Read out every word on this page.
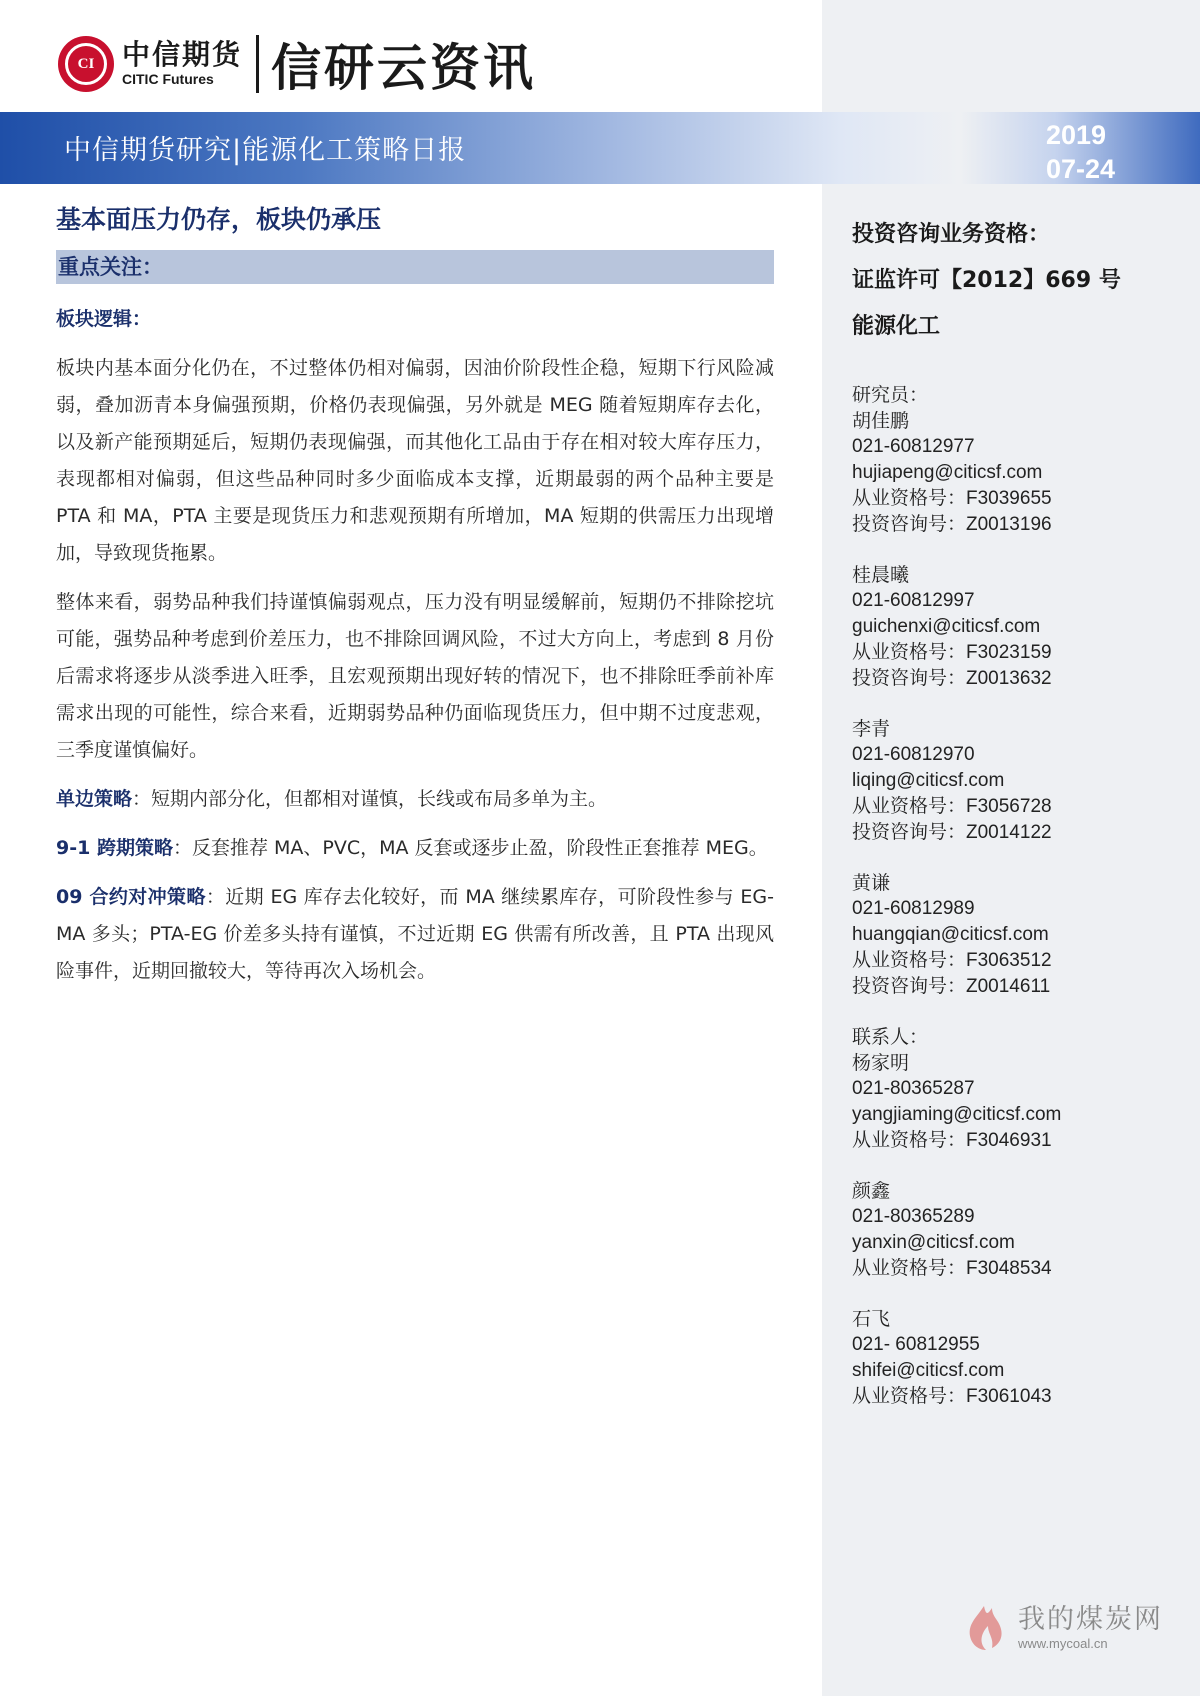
CI 中信期货
CITIC Futures	信研云资讯
中信期货研究|能源化工策略日报	2019
07-24
基本面压力仍存，板块仍承压
重点关注：
板块逻辑：

板块内基本面分化仍在，不过整体仍相对偏弱，因油价阶段性企稳，短期下行风险减弱，叠加沥青本身偏强预期，价格仍表现偏强，另外就是 MEG 随着短期库存去化，以及新产能预期延后，短期仍表现偏强，而其他化工品由于存在相对较大库存压力，表现都相对偏弱，但这些品种同时多少面临成本支撑，近期最弱的两个品种主要是 PTA 和 MA，PTA 主要是现货压力和悲观预期有所增加，MA 短期的供需压力出现增加，导致现货拖累。

整体来看，弱势品种我们持谨慎偏弱观点，压力没有明显缓解前，短期仍不排除挖坑可能，强势品种考虑到价差压力，也不排除回调风险，不过大方向上，考虑到 8 月份后需求将逐步从淡季进入旺季，且宏观预期出现好转的情况下，也不排除旺季前补库需求出现的可能性，综合来看，近期弱势品种仍面临现货压力，但中期不过度悲观，三季度谨慎偏好。

单边策略：短期内部分化，但都相对谨慎，长线或布局多单为主。

9-1 跨期策略：反套推荐 MA、PVC，MA 反套或逐步止盈，阶段性正套推荐 MEG。

09 合约对冲策略：近期 EG 库存去化较好，而 MA 继续累库存，可阶段性参与 EG-MA 多头；PTA-EG 价差多头持有谨慎，不过近期 EG 供需有所改善，且 PTA 出现风险事件，近期回撤较大，等待再次入场机会。

投资咨询业务资格：
证监许可【2012】669 号
能源化工
研究员：
胡佳鹏
021-60812977
hujiapeng@citicsf.com
从业资格号：F3039655
投资咨询号：Z0013196
桂晨曦
021-60812997
guichenxi@citicsf.com
从业资格号：F3023159
投资咨询号：Z0013632
李青
021-60812970
liqing@citicsf.com
从业资格号：F3056728
投资咨询号：Z0014122
黄谦
021-60812989
huangqian@citicsf.com
从业资格号：F3063512
投资咨询号：Z0014611
联系人：
杨家明
021-80365287
yangjiaming@citicsf.com
从业资格号：F3046931
颜鑫
021-80365289
yanxin@citicsf.com
从业资格号：F3048534
石飞
021- 60812955
shifei@citicsf.com
从业资格号：F3061043
我的煤炭网
www.mycoal.cn
